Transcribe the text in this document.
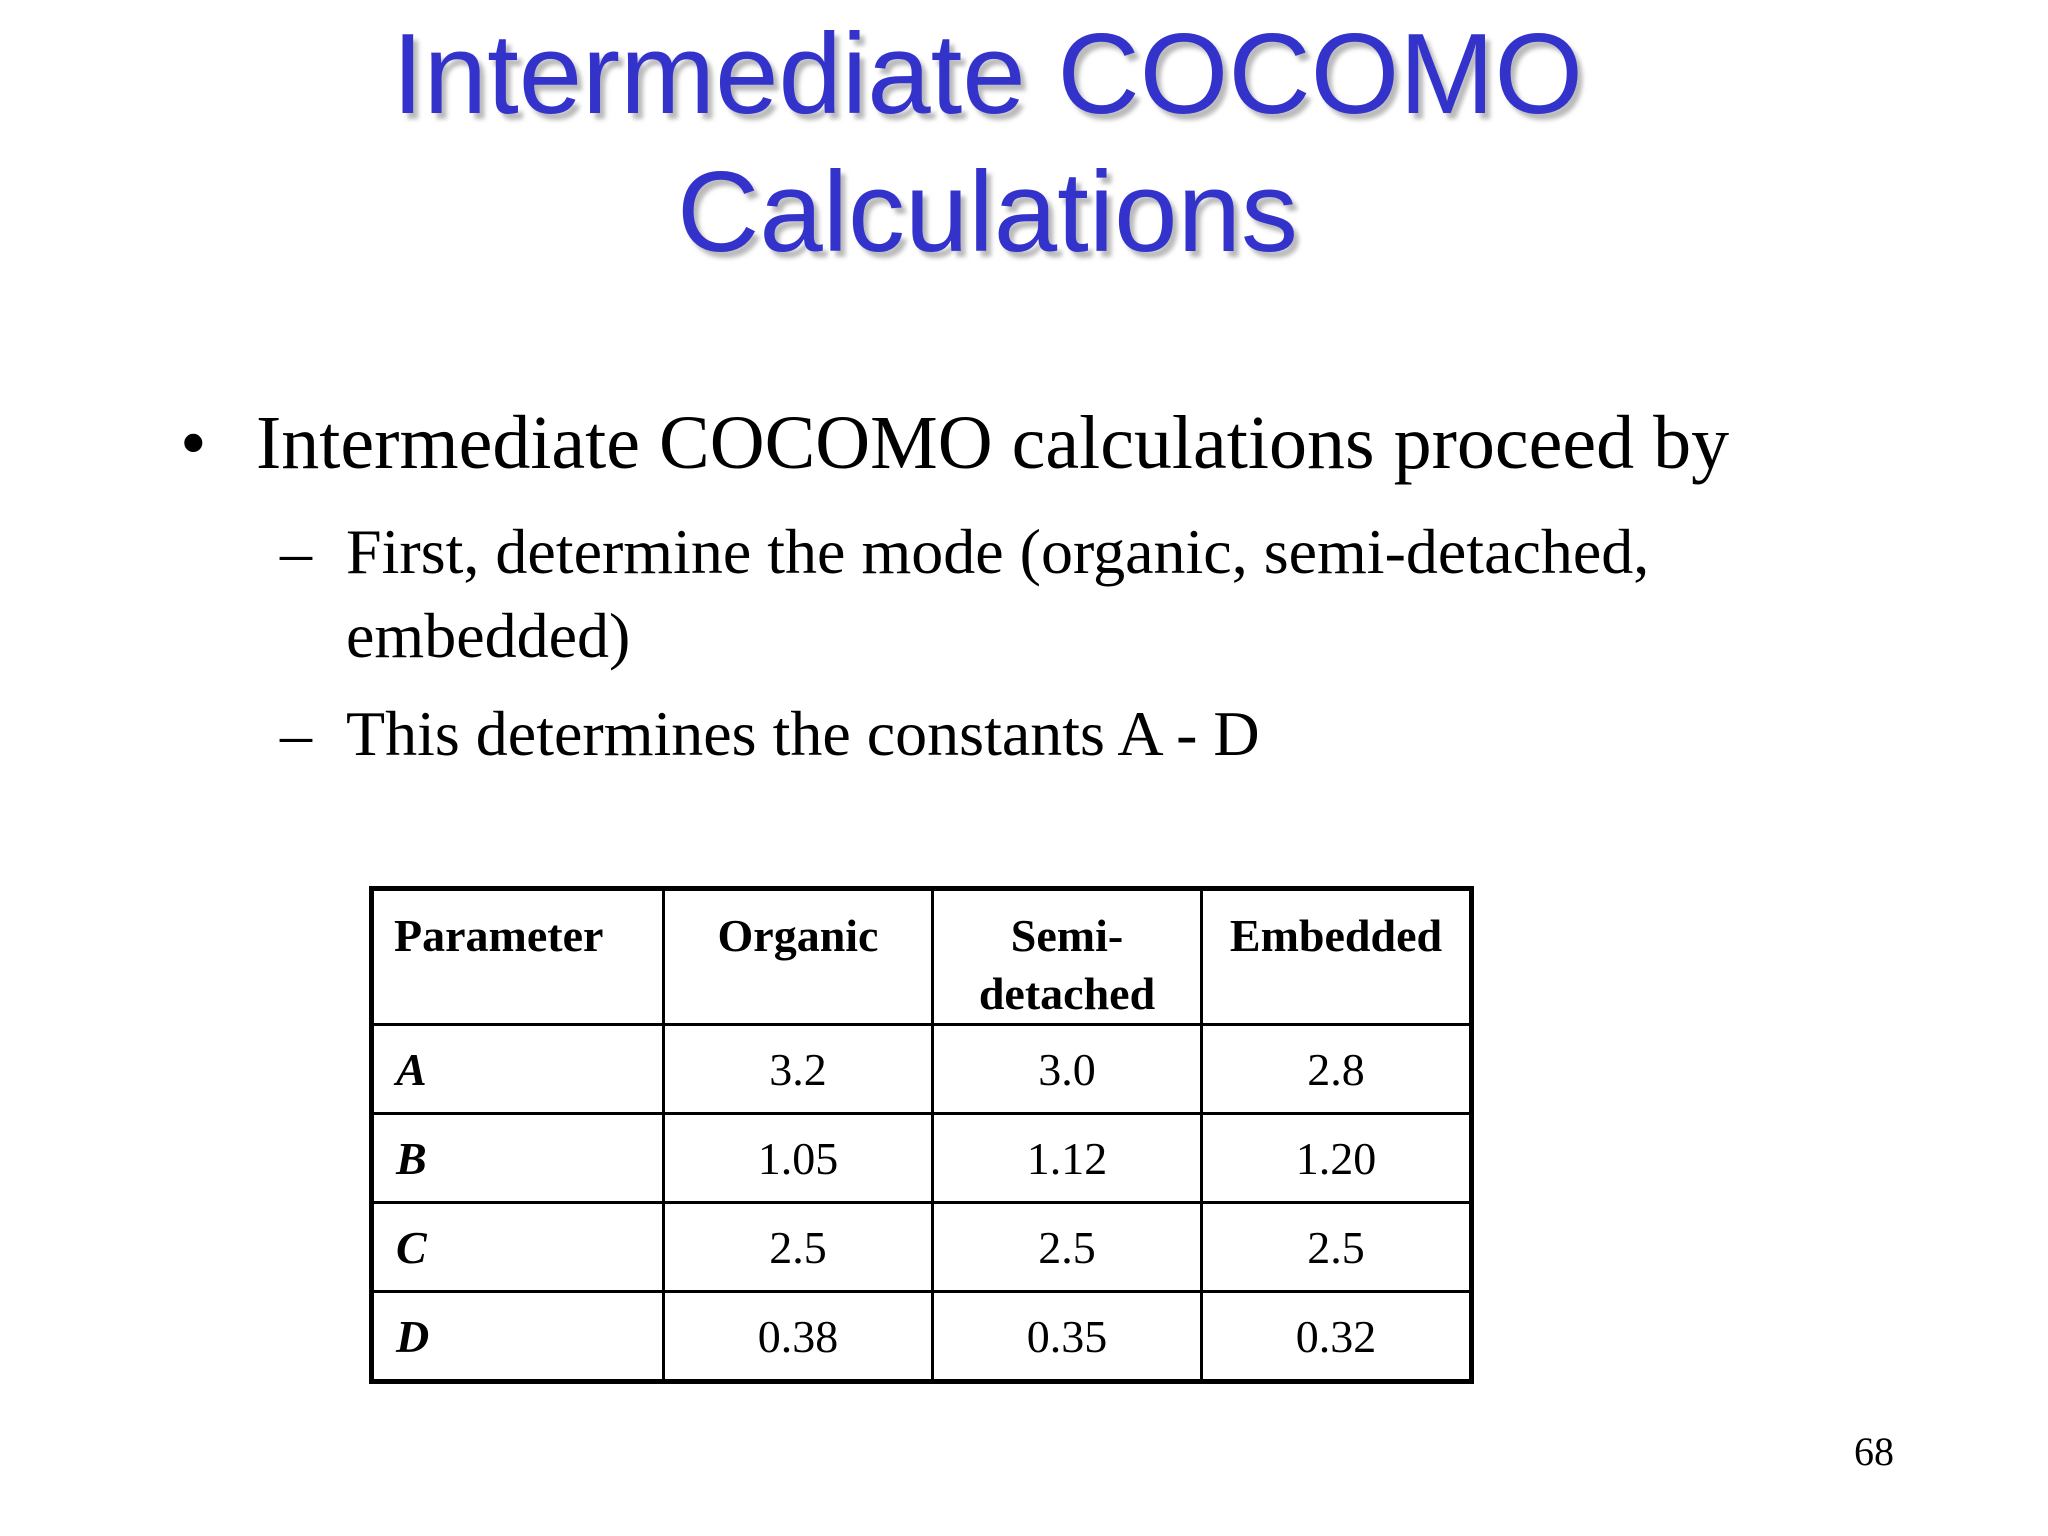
Intermediate COCOMO
Calculations
• Intermediate COCOMO calculations proceed by
– First, determine the mode (organic, semi-detached, embedded)
– This determines the constants A - D
Parameter	Organic	Semi-detached	Embedded
A	3.2	3.0	2.8
B	1.05	1.12	1.20
C	2.5	2.5	2.5
D	0.38	0.35	0.32
68
